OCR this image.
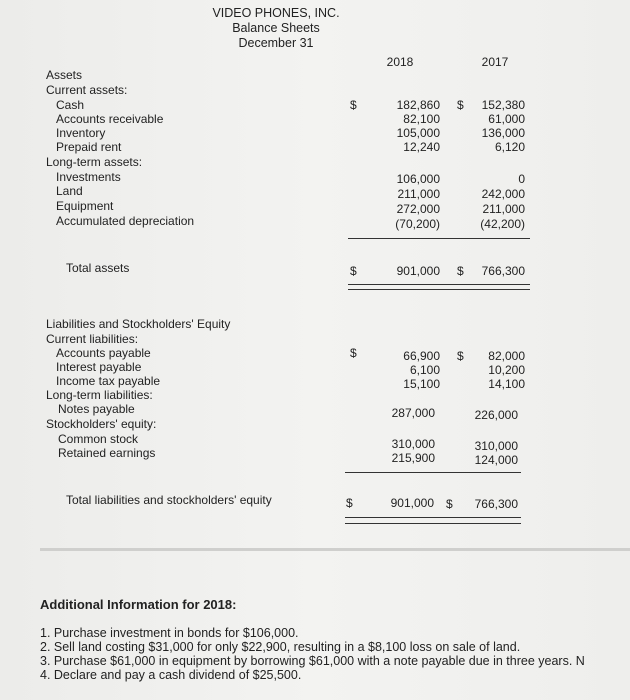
VIDEO PHONES, INC.
Balance Sheets
December 31
2018	2017
Assets
Current assets:
Cash	$	182,860 $	152,380
Accounts receivable	82,100	61,000
Inventory	105,000	136,000
Prepaid rent	12,240	6,120
Long-term assets:
Investments	106,000	0
Land	211,000	242,000
Equipment	272,000	211,000
Accumulated depreciation	(70,200)	(42,200)
Total assets	$	901,000 $	766,300
Liabilities and Stockholders' Equity
Current liabilities:
Accounts payable	$	66,900 $	82,000
Interest payable	6,100	10,200
Income tax payable	15,100	14,100
Long-term liabilities:
Notes payable	287,000	226,000
Stockholders' equity:
Common stock	310,000	310,000
Retained earnings	215,900	124,000
Total liabilities and stockholders' equity	$	901,000 $	766,300
Additional Information for 2018:
1. Purchase investment in bonds for $106,000.
2. Sell land costing $31,000 for only $22,900, resulting in a $8,100 loss on sale of land.
3. Purchase $61,000 in equipment by borrowing $61,000 with a note payable due in three years. N
4. Declare and pay a cash dividend of $25,500.
